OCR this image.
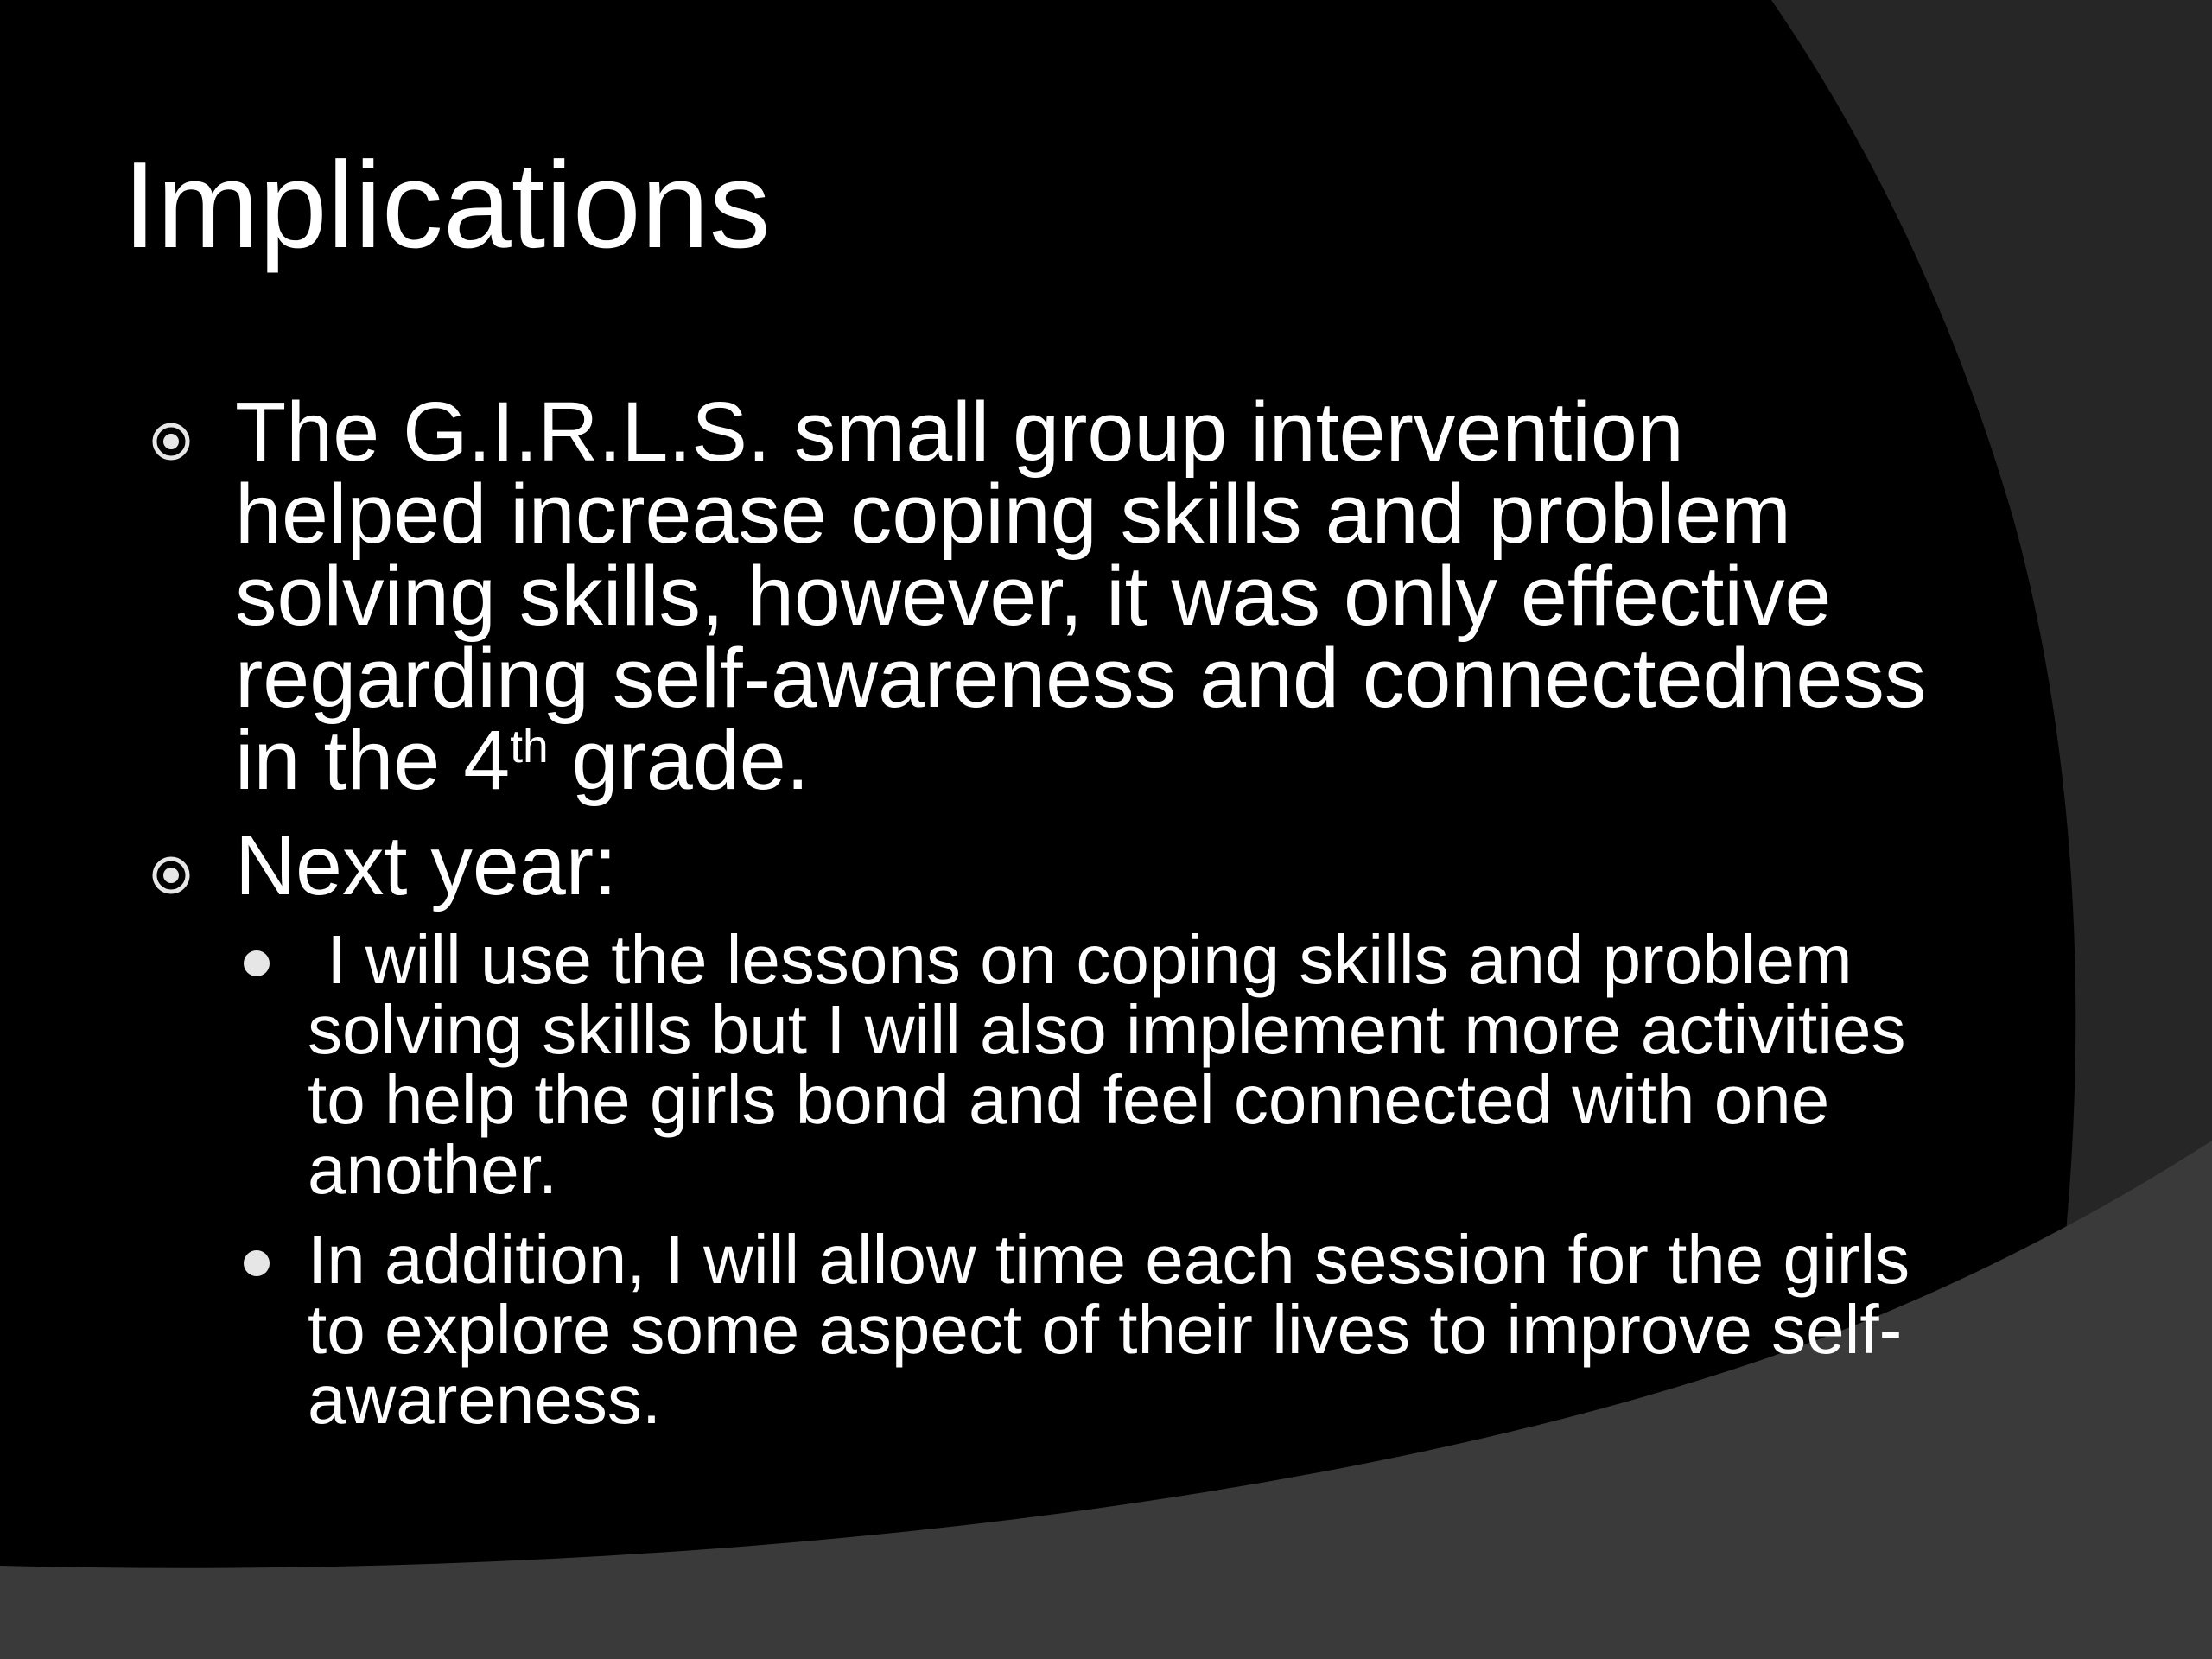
Implications

The G.I.R.L.S. small group intervention helped increase coping skills and problem solving skills, however, it was only effective regarding self-awareness and connectedness in the 4th grade.

Next year:

I will use the lessons on coping skills and problem solving skills but I will also implement more activities to help the girls bond and feel connected with one another.

In addition, I will allow time each session for the girls to explore some aspect of their lives to improve self-awareness.
